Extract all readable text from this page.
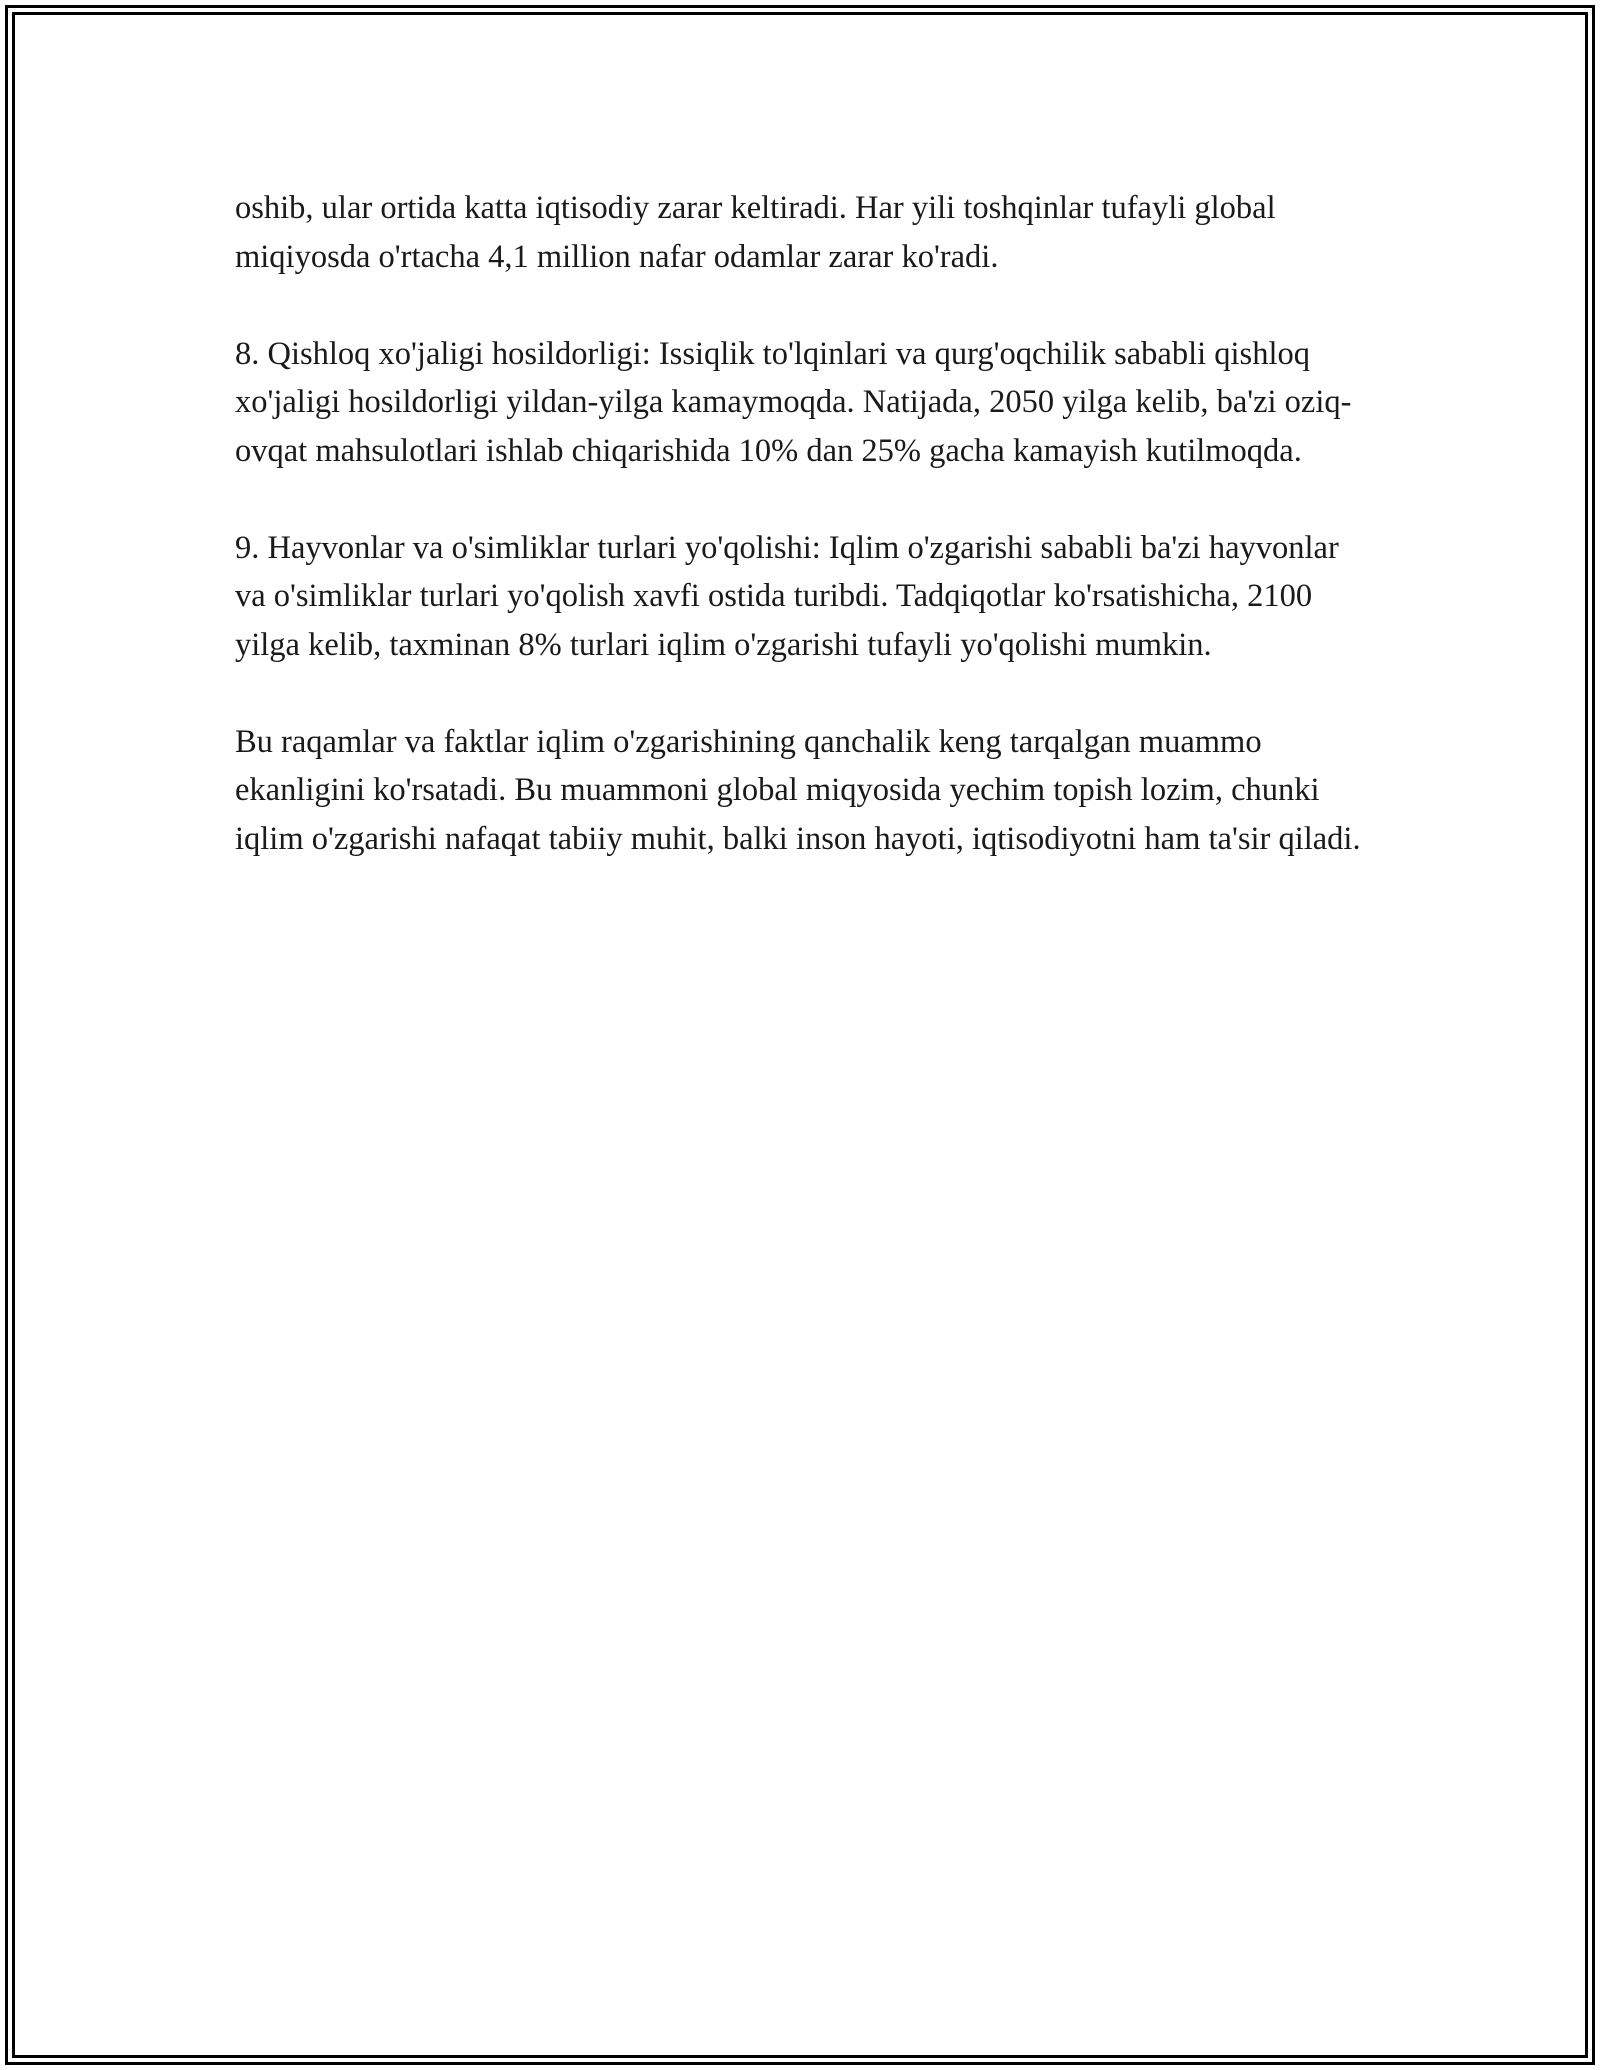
oshib, ular ortida katta iqtisodiy zarar keltiradi. Har yili toshqinlar tufayli global miqiyosda o'rtacha 4,1 million nafar odamlar zarar ko'radi.

8. Qishloq xo'jaligi hosildorligi: Issiqlik to'lqinlari va qurg'oqchilik sababli qishloq xo'jaligi hosildorligi yildan-yilga kamaymoqda. Natijada, 2050 yilga kelib, ba'zi oziq-ovqat mahsulotlari ishlab chiqarishida 10% dan 25% gacha kamayish kutilmoqda.

9. Hayvonlar va o'simliklar turlari yo'qolishi: Iqlim o'zgarishi sababli ba'zi hayvonlar va o'simliklar turlari yo'qolish xavfi ostida turibdi. Tadqiqotlar ko'rsatishicha, 2100 yilga kelib, taxminan 8% turlari iqlim o'zgarishi tufayli yo'qolishi mumkin.

Bu raqamlar va faktlar iqlim o'zgarishining qanchalik keng tarqalgan muammo ekanligini ko'rsatadi. Bu muammoni global miqyosida yechim topish lozim, chunki iqlim o'zgarishi nafaqat tabiiy muhit, balki inson hayoti, iqtisodiyotni ham ta'sir qiladi.
